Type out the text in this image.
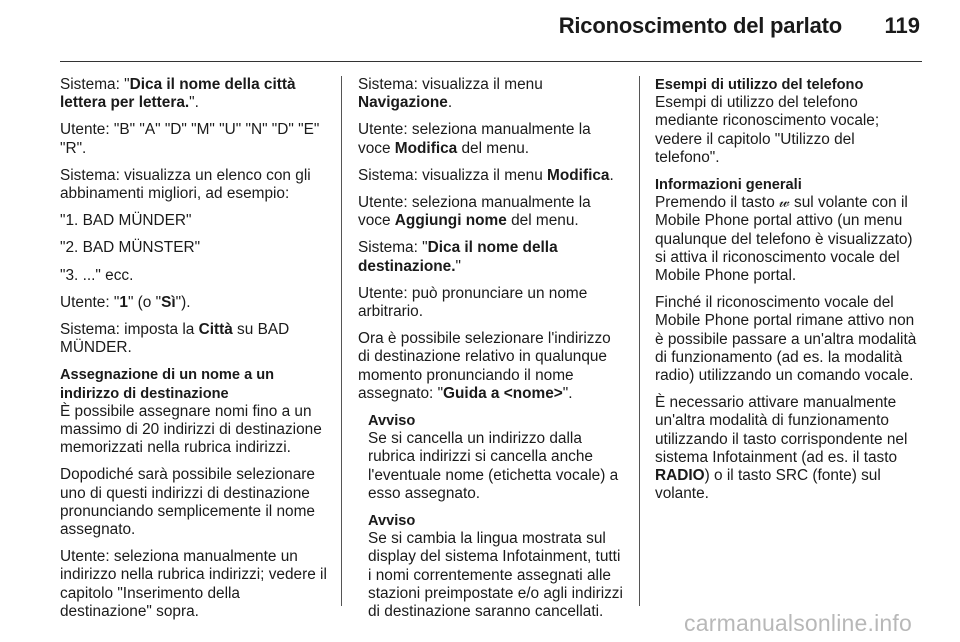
Riconoscimento del parlato 119

Sistema: "Dica il nome della città lettera per lettera.".

Utente: "B" "A" "D" "M" "U" "N" "D" "E" "R".

Sistema: visualizza un elenco con gli abbinamenti migliori, ad esempio:

"1. BAD MÜNDER"

"2. BAD MÜNSTER"

"3. ..." ecc.

Utente: "1" (o "Sì").

Sistema: imposta la Città su BAD MÜNDER.

Assegnazione di un nome a un indirizzo di destinazione

È possibile assegnare nomi fino a un massimo di 20 indirizzi di destinazione memorizzati nella rubrica indirizzi.

Dopodiché sarà possibile selezionare uno di questi indirizzi di destinazione pronunciando semplicemente il nome assegnato.

Utente: seleziona manualmente un indirizzo nella rubrica indirizzi; vedere il capitolo "Inserimento della destinazione" sopra.

Sistema: visualizza il menu Navigazione.

Utente: seleziona manualmente la voce Modifica del menu.

Sistema: visualizza il menu Modifica.

Utente: seleziona manualmente la voce Aggiungi nome del menu.

Sistema: "Dica il nome della destinazione."

Utente: può pronunciare un nome arbitrario.

Ora è possibile selezionare l'indirizzo di destinazione relativo in qualunque momento pronunciando il nome assegnato: "Guida a <nome>".

Avviso

Se si cancella un indirizzo dalla rubrica indirizzi si cancella anche l'eventuale nome (etichetta vocale) a esso assegnato.

Avviso

Se si cambia la lingua mostrata sul display del sistema Infotainment, tutti i nomi correntemente assegnati alle stazioni preimpostate e/o agli indirizzi di destinazione saranno cancellati.

Esempi di utilizzo del telefono

Esempi di utilizzo del telefono mediante riconoscimento vocale; vedere il capitolo "Utilizzo del telefono".

Informazioni generali

Premendo il tasto 𝓌 sul volante con il Mobile Phone portal attivo (un menu qualunque del telefono è visualizzato) si attiva il riconoscimento vocale del Mobile Phone portal.

Finché il riconoscimento vocale del Mobile Phone portal rimane attivo non è possibile passare a un'altra modalità di funzionamento (ad es. la modalità radio) utilizzando un comando vocale.

È necessario attivare manualmente un'altra modalità di funzionamento utilizzando il tasto corrispondente nel sistema Infotainment (ad es. il tasto RADIO) o il tasto SRC (fonte) sul volante.

carmanualsonline.info
